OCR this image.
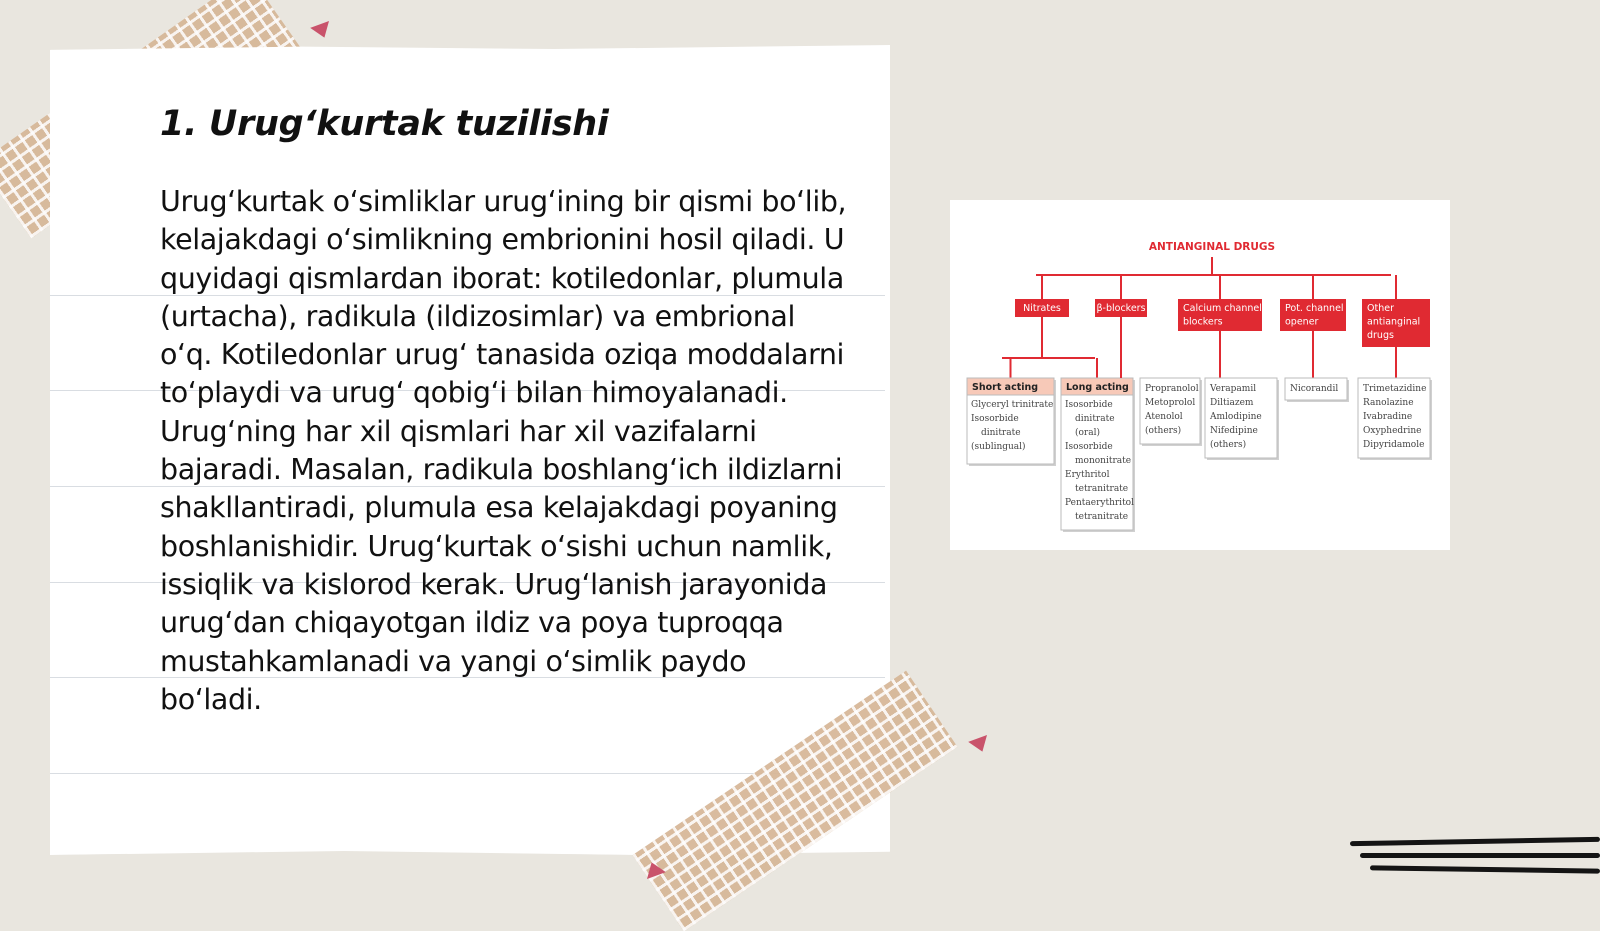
1. Urug‘kurtak tuzilishi

Urug‘kurtak o‘simliklar urug‘ining bir qismi bo‘lib, kelajakdagi o‘simlikning embrionini hosil qiladi. U quyidagi qismlardan iborat: kotiledonlar, plumula (urtacha), radikula (ildizosimlar) va embrional o‘q. Kotiledonlar urug‘ tanasida oziqa moddalarni to‘playdi va urug‘ qobig‘i bilan himoyalanadi. Urug‘ning har xil qismlari har xil vazifalarni bajaradi. Masalan, radikula boshlang‘ich ildizlarni shakllantiradi, plumula esa kelajakdagi poyaning boshlanishidir. Urug‘kurtak o‘sishi uchun namlik, issiqlik va kislorod kerak. Urug‘lanish jarayonida urug‘dan chiqayotgan ildiz va poya tuproqqa mustahkamlanadi va yangi o‘simlik paydo bo‘ladi.

ANTIANGINAL DRUGS
Nitrates	β-blockers	Calcium channel
blockers
Pot. channel
opener
Other
antianginal
drugs
Short acting
Glyceryl trinitrate
Isosorbide
dinitrate
(sublingual)
Long acting
Isosorbide
dinitrate
(oral)
Isosorbide
mononitrate
Erythritol
tetranitrate
Pentaerythritol
tetranitrate
Propranolol
Metoprolol
Atenolol
(others)
Verapamil
Diltiazem
Amlodipine
Nifedipine
(others)
Nicorandil	Trimetazidine
Ranolazine
Ivabradine
Oxyphedrine
Dipyridamole
